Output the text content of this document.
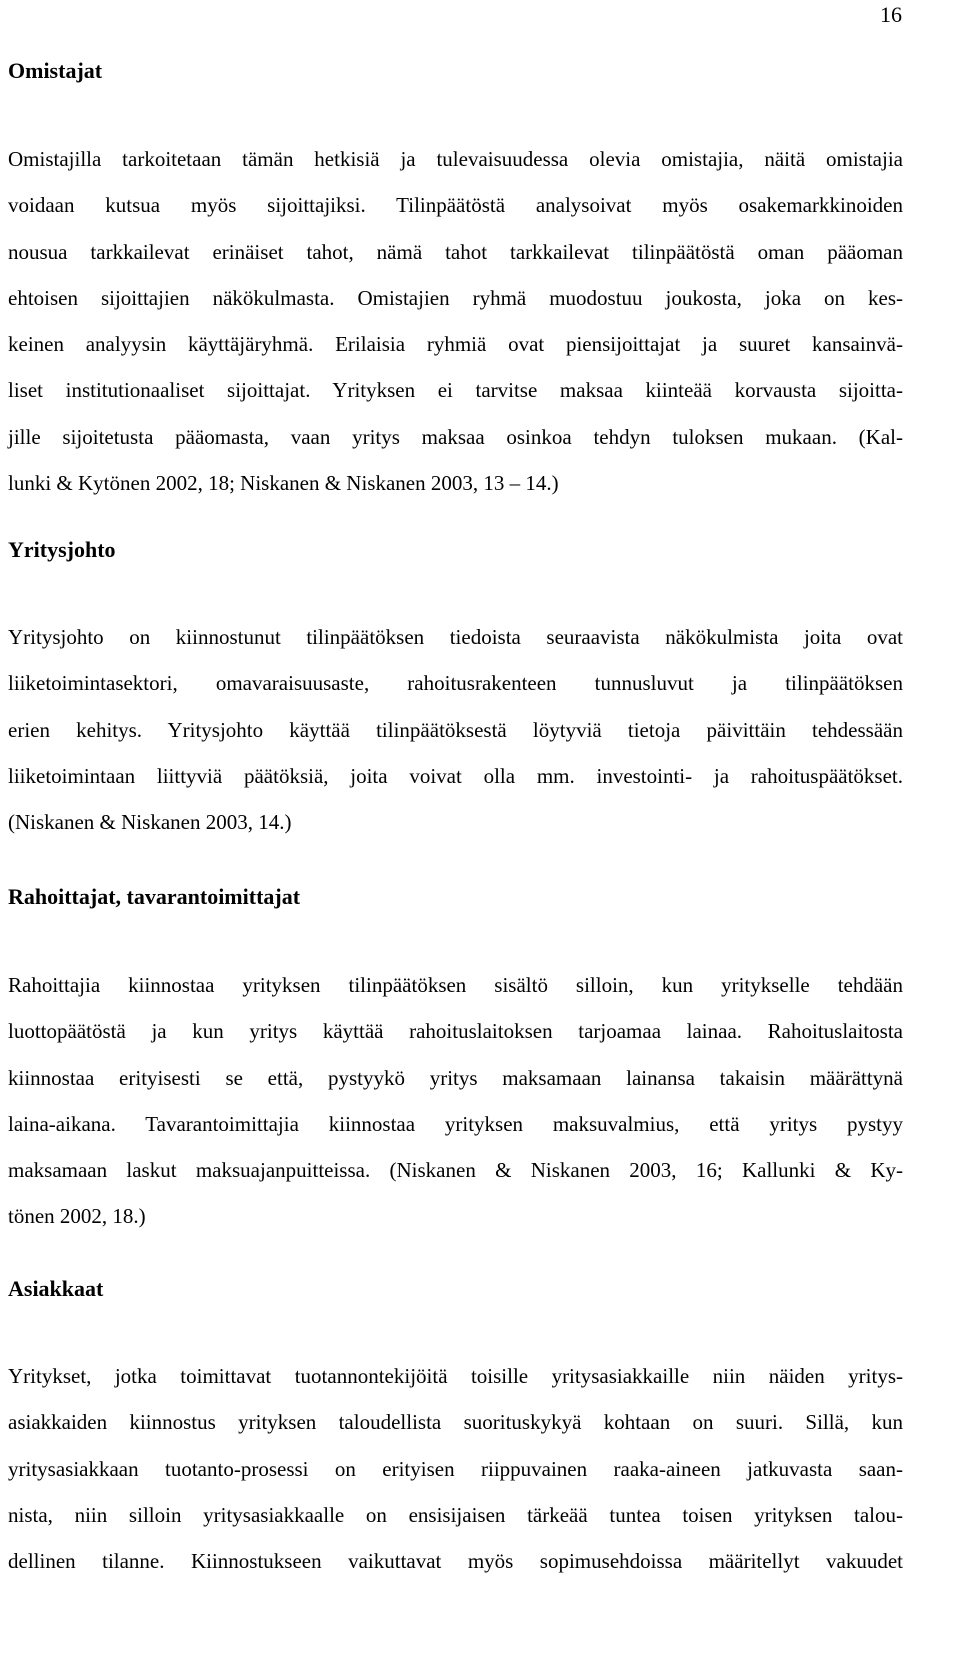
16
Omistajat
Omistajilla tarkoitetaan tämän hetkisiä ja tulevaisuudessa olevia omistajia, näitä omistajia
voidaan kutsua myös sijoittajiksi. Tilinpäätöstä analysoivat myös osakemarkkinoiden
nousua tarkkailevat erinäiset tahot, nämä tahot tarkkailevat tilinpäätöstä oman pääoman
ehtoisen sijoittajien näkökulmasta. Omistajien ryhmä muodostuu joukosta, joka on kes-
keinen analyysin käyttäjäryhmä. Erilaisia ryhmiä ovat piensijoittajat ja suuret kansainvä-
liset institutionaaliset sijoittajat. Yrityksen ei tarvitse maksaa kiinteää korvausta sijoitta-
jille sijoitetusta pääomasta, vaan yritys maksaa osinkoa tehdyn tuloksen mukaan. (Kal-
lunki & Kytönen 2002, 18; Niskanen & Niskanen 2003, 13 – 14.)
Yritysjohto
Yritysjohto on kiinnostunut tilinpäätöksen tiedoista seuraavista näkökulmista joita ovat
liiketoimintasektori, omavaraisuusaste, rahoitusrakenteen tunnusluvut ja tilinpäätöksen
erien kehitys. Yritysjohto käyttää tilinpäätöksestä löytyviä tietoja päivittäin tehdessään
liiketoimintaan liittyviä päätöksiä, joita voivat olla mm. investointi- ja rahoituspäätökset.
(Niskanen & Niskanen 2003, 14.)
Rahoittajat, tavarantoimittajat
Rahoittajia kiinnostaa yrityksen tilinpäätöksen sisältö silloin, kun yritykselle tehdään
luottopäätöstä ja kun yritys käyttää rahoituslaitoksen tarjoamaa lainaa. Rahoituslaitosta
kiinnostaa erityisesti se että, pystyykö yritys maksamaan lainansa takaisin määrättynä
laina-aikana. Tavarantoimittajia kiinnostaa yrityksen maksuvalmius, että yritys pystyy
maksamaan laskut maksuajanpuitteissa. (Niskanen & Niskanen 2003, 16; Kallunki & Ky-
tönen 2002, 18.)
Asiakkaat
Yritykset, jotka toimittavat tuotannontekijöitä toisille yritysasiakkaille niin näiden yritys-
asiakkaiden kiinnostus yrityksen taloudellista suorituskykyä kohtaan on suuri. Sillä, kun
yritysasiakkaan tuotanto-prosessi on erityisen riippuvainen raaka-aineen jatkuvasta saan-
nista, niin silloin yritysasiakkaalle on ensisijaisen tärkeää tuntea toisen yrityksen talou-
dellinen tilanne. Kiinnostukseen vaikuttavat myös sopimusehdoissa määritellyt vakuudet
